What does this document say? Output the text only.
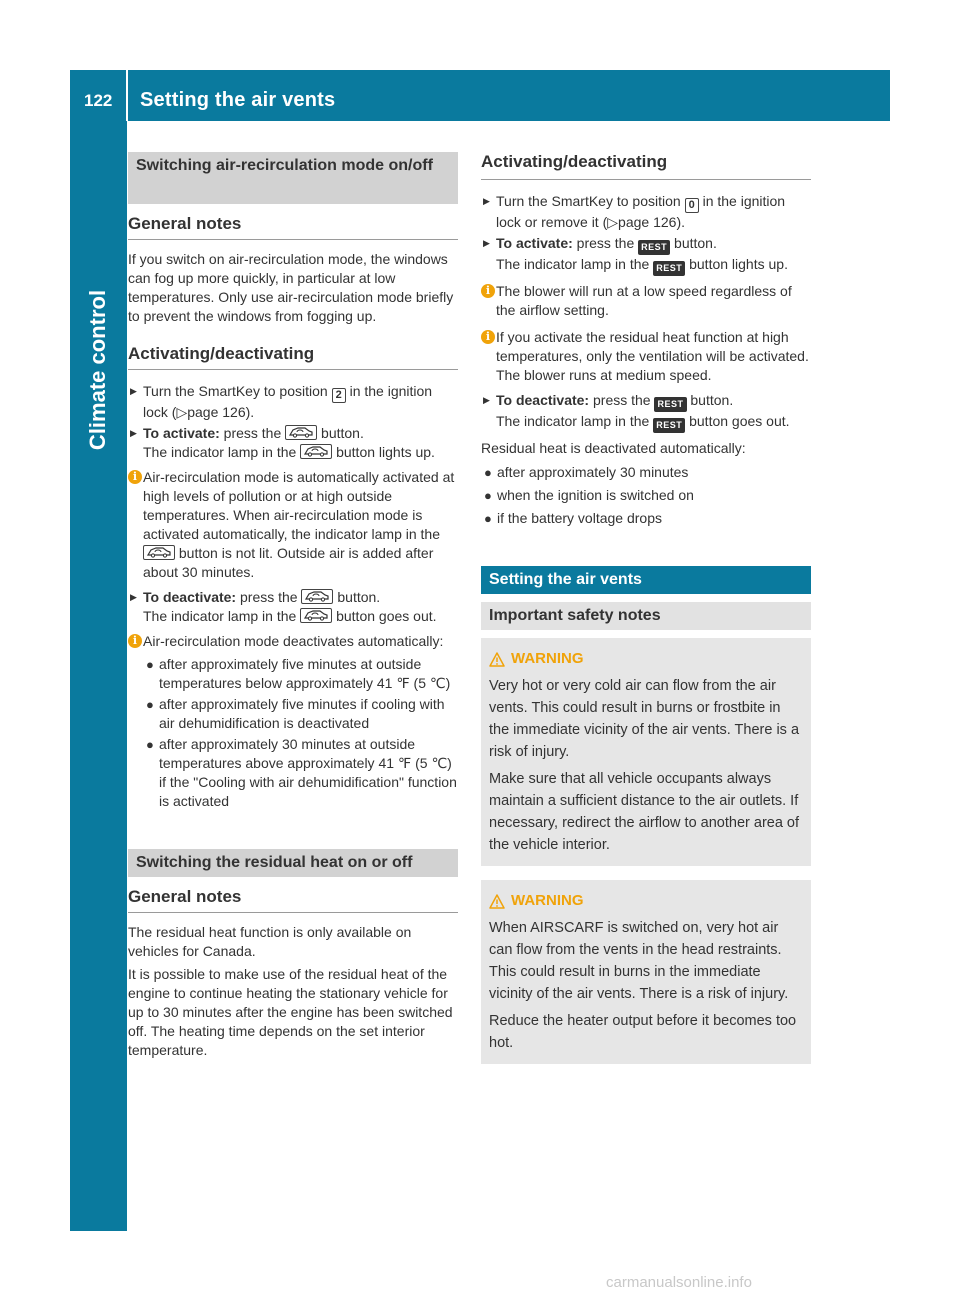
122 Setting the air vents
Climate control
Switching air-recirculation mode on/off
General notes

If you switch on air-recirculation mode, the windows can fog up more quickly, in particular at low temperatures. Only use air-recirculation mode briefly to prevent the windows from fogging up.

Activating/deactivating
▶ Turn the SmartKey to position 2 in the ignition lock (▷page 126).
▶ To activate: press the
button.
The indicator lamp in the
button lights up.
i Air-recirculation mode is automatically activated at high levels of pollution or at high outside temperatures. When air-recirculation mode is activated automatically, the indicator lamp in the
button is not lit. Outside air is added after about 30 minutes.
▶ To deactivate: press the
button.
The indicator lamp in the
button goes out.
i Air-recirculation mode deactivates automatically:
● after approximately five minutes at outside temperatures below approximately 41 ℉ (5 ℃)
● after approximately five minutes if cooling with air dehumidification is deactivated
● after approximately 30 minutes at outside temperatures above approximately 41 ℉ (5 ℃) if the "Cooling with air dehumidification" function is activated
Switching the residual heat on or off
General notes

The residual heat function is only available on vehicles for Canada.

It is possible to make use of the residual heat of the engine to continue heating the stationary vehicle for up to 30 minutes after the engine has been switched off. The heating time depends on the set interior temperature.

Activating/deactivating
▶ Turn the SmartKey to position 0 in the ignition lock or remove it (▷page 126).
▶ To activate: press the REST button.
The indicator lamp in the REST button lights up.
i The blower will run at a low speed regardless of the airflow setting.
i If you activate the residual heat function at high temperatures, only the ventilation will be activated. The blower runs at medium speed.
▶ To deactivate: press the REST button.
The indicator lamp in the REST button goes out.

Residual heat is deactivated automatically:

● after approximately 30 minutes
● when the ignition is switched on
● if the battery voltage drops
Setting the air vents
Important safety notes
WARNING

Very hot or very cold air can flow from the air vents. This could result in burns or frostbite in the immediate vicinity of the air vents. There is a risk of injury.

Make sure that all vehicle occupants always maintain a sufficient distance to the air outlets. If necessary, redirect the airflow to another area of the vehicle interior.

WARNING

When AIRSCARF is switched on, very hot air can flow from the vents in the head restraints. This could result in burns in the immediate vicinity of the air vents. There is a risk of injury.

Reduce the heater output before it becomes too hot.

carmanualsonline.info
